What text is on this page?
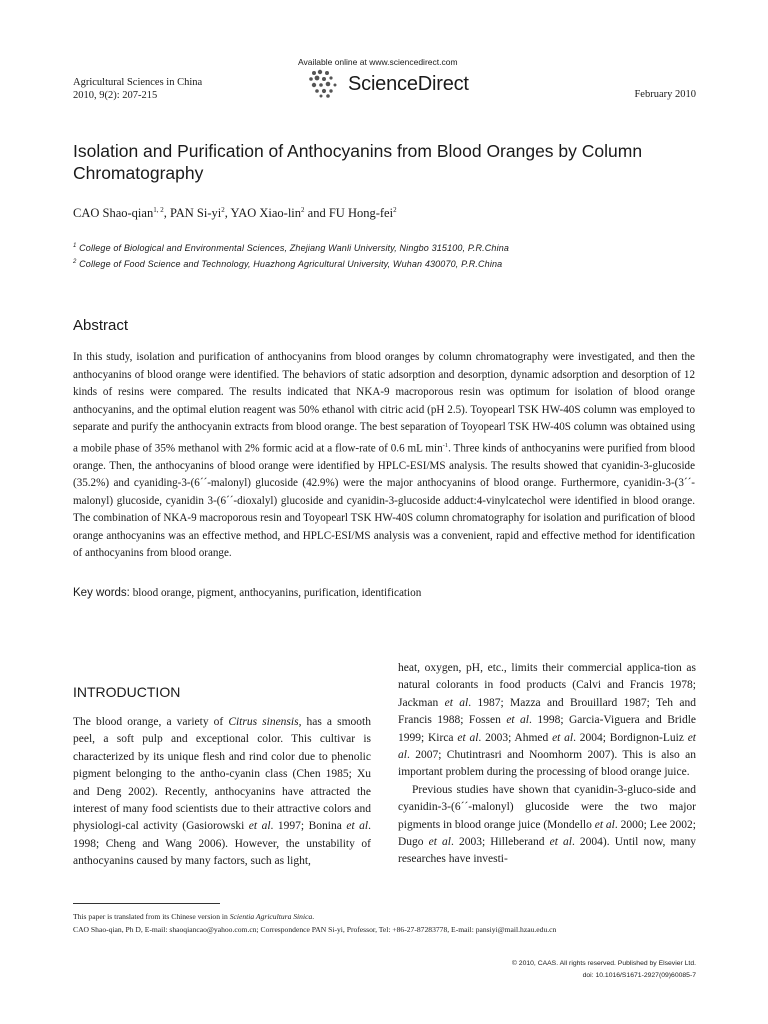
Agricultural Sciences in China
2010, 9(2): 207-215
Available online at www.sciencedirect.com
ScienceDirect	February 2010
Isolation and Purification of Anthocyanins from Blood Oranges by Column Chromatography
CAO Shao-qian$^{1, 2}$, PAN $Si-yi^2$, YAO Xiao-lin$^2$ and FU Hong-fei$^2$
$^1$ College of Biological and Environmental Sciences, Zhejiang Wanli University, Ningbo 315100, P.R.China
$^2$ College of Food Science and Technology, Huazhong Agricultural University, Wuhan 430070, P.R.China
Abstract
In this study, isolation and purification of anthocyanins from blood oranges by column chromatography were investigated, and then the anthocyanins of blood orange were identified. The behaviors of static adsorption and desorption, dynamic adsorption and desorption of 12 kinds of resins were compared. The results indicated that NKA-9 macroporous resin was optimum for isolation of blood orange anthocyanins, and the optimal elution reagent was 50% ethanol with citric acid (pH 2.5). Toyopearl TSK HW-40S column was employed to separate and purify the anthocyanin extracts from blood orange. The best separation of Toyopearl TSK HW-40S column was obtained using a mobile phase of 35% methanol with 2% formic acid at a flow-rate of 0.6 mL $\min^{-1}$. Three kinds of anthocyanins were purified from blood orange. Then, the anthocyanins of blood orange were identified by HPLC-ESI/MS analysis. The results showed that cyanidin-3-glucoside (35.2%) and cyaniding-3-(6´´-malonyl) glucoside (42.9%) were the major anthocyanins of blood orange. Furthermore, cyanidin-3-(3´´-malonyl) glucoside, cyanidin 3-(6´´-dioxalyl) glucoside and cyanidin-3-glucoside adduct:4-vinylcatechol were identified in blood orange. The combination of NKA-9 macroporous resin and Toyopearl TSK HW-40S column chromatography for isolation and purification of blood orange anthocyanins was an effective method, and HPLC-ESI/MS analysis was a convenient, rapid and effective method for identification of anthocyanins from blood orange.
Key words: blood orange, pigment, anthocyanins, purification, identification
INTRODUCTION
The blood orange, a variety of Citrus sinensis, has a smooth peel, a soft pulp and exceptional color. This cultivar is characterized by its unique flesh and rind color due to phenolic pigment belonging to the antho-cyanin class (Chen 1985; Xu and Deng 2002). Recently, anthocyanins have attracted the interest of many food scientists due to their attractive colors and physiologi-cal activity (Gasiorowski et al. 1997; Bonina et al. 1998; Cheng and Wang 2006). However, the unstability of anthocyanins caused by many factors, such as light,
heat, oxygen, pH, etc., limits their commercial applica-tion as natural colorants in food products (Calvi and Francis 1978; Jackman et al. 1987; Mazza and Brouillard 1987; Teh and Francis 1988; Fossen et al. 1998; Garcia-Viguera and Bridle 1999; Kirca et al. 2003; Ahmed et al. 2004; Bordignon-Luiz et al. 2007; Chutintrasri and Noomhorm 2007). This is also an important problem during the processing of blood orange juice.
Previous studies have shown that cyanidin-3-gluco-side and cyanidin-3-(6´´-malonyl) glucoside were the two major pigments in blood orange juice (Mondello et al. 2000; Lee 2002; Dugo et al. 2003; Hilleberand et al. 2004). Until now, many researches have investi-
This paper is translated from its Chinese version in Scientia Agricultura Sinica.
CAO Shao-qian, Ph D, E-mail: shaoqiancao@yahoo.com.cn; Correspondence PAN Si-yi, Professor, Tel: +86-27-87283778, E-mail: pansiyi@mail.hzau.edu.cn
© 2010, CAAS. All rights reserved. Published by Elsevier Ltd.
doi: 10.1016/S1671-2927(09)60085-7
